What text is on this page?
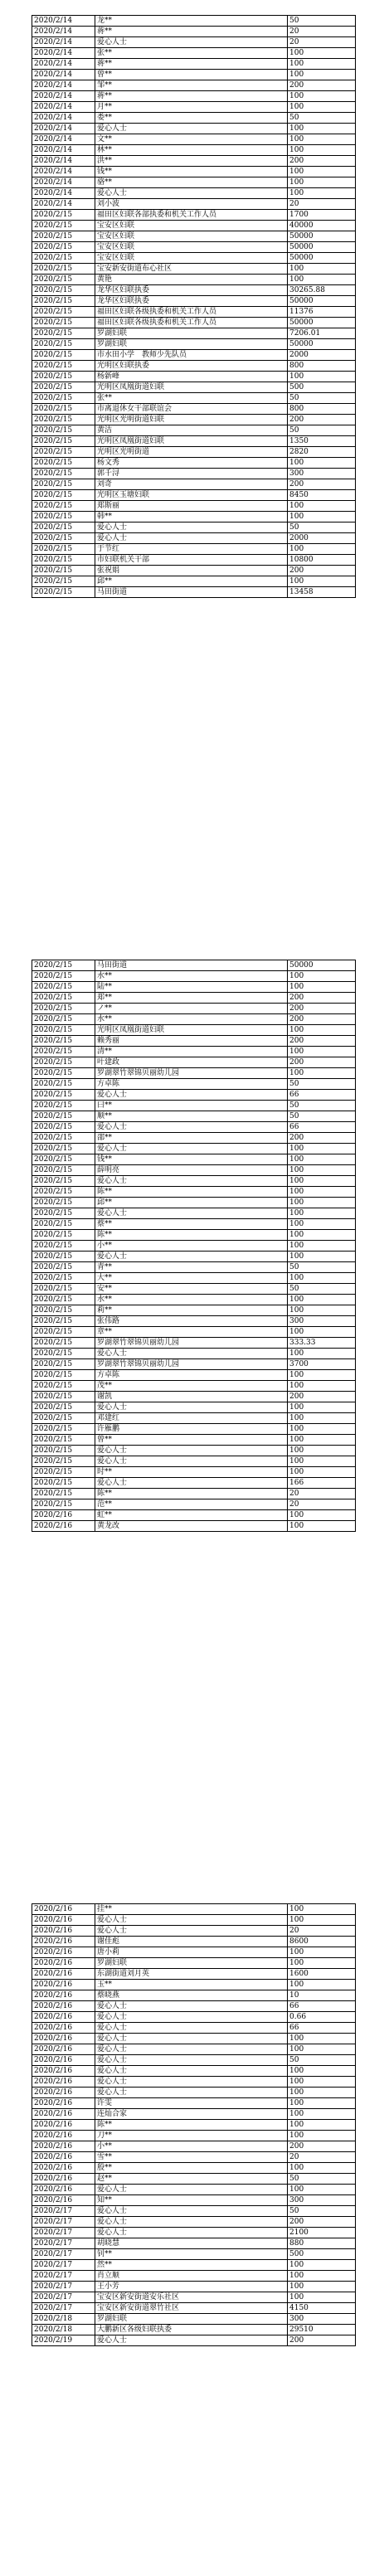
2020/2/14	龙**	50
2020/2/14	蒋**	20
2020/2/14	爱心人士	20
2020/2/14	张**	100
2020/2/14	蒋**	100
2020/2/14	曾**	100
2020/2/14	邹**	200
2020/2/14	蒋**	100
2020/2/14	月**	100
2020/2/14	娄**	50
2020/2/14	爱心人士	100
2020/2/14	文**	100
2020/2/14	林**	100
2020/2/14	洪**	200
2020/2/14	钱**	100
2020/2/14	骆**	100
2020/2/14	爱心人士	100
2020/2/14	刘小波	20
2020/2/15	福田区妇联各部执委和机关工作人员	1700
2020/2/15	宝安区妇联	40000
2020/2/15	宝安区妇联	50000
2020/2/15	宝安区妇联	50000
2020/2/15	宝安区妇联	50000
2020/2/15	宝安新安街道布心社区	100
2020/2/15	黄艳	100
2020/2/15	龙华区妇联执委	30265.88
2020/2/15	龙华区妇联执委	50000
2020/2/15	福田区妇联各级执委和机关工作人员	11376
2020/2/15	福田区妇联各级执委和机关工作人员	50000
2020/2/15	罗湖妇联	7206.01
2020/2/15	罗湖妇联	50000
2020/2/15	市水田小学　教师少先队员	2000
2020/2/15	光明区妇联执委	800
2020/2/15	杨新峰	100
2020/2/15	光明区凤凰街道妇联	500
2020/2/15	张**	50
2020/2/15	市离退休女干部联谊会	800
2020/2/15	光明区光明街道妇联	200
2020/2/15	黄洁	50
2020/2/15	光明区凤凰街道妇联	1350
2020/2/15	光明区光明街道	2820
2020/2/15	杨文秀	100
2020/2/15	郭千浔	300
2020/2/15	刘奇	200
2020/2/15	光明区玉塘妇联	8450
2020/2/15	郑斯丽	100
2020/2/15	韩**	100
2020/2/15	爱心人士	50
2020/2/15	爱心人士	2000
2020/2/15	于节红	100
2020/2/15	市妇联机关干部	10800
2020/2/15	张祝娟	200
2020/2/15	邱**	100
2020/2/15	马田街道	13458
2020/2/15	马田街道	50000
2020/2/15	水**	100
2020/2/15	陆**	100
2020/2/15	郑**	200
2020/2/15	ノ**	200
2020/2/15	水**	200
2020/2/15	光明区凤凰街道妇联	100
2020/2/15	赖秀丽	200
2020/2/15	清**	100
2020/2/15	叶建政	200
2020/2/15	罗湖翠竹翠锦贝丽幼儿园	100
2020/2/15	方卓陈	50
2020/2/15	爱心人士	66
2020/2/15	曰**	50
2020/2/15	顺**	50
2020/2/15	爱心人士	66
2020/2/15	邵**	200
2020/2/15	爱心人士	100
2020/2/15	钱**	100
2020/2/15	薛明亮	100
2020/2/15	爱心人士	100
2020/2/15	陈**	100
2020/2/15	邱**	100
2020/2/15	爱心人士	100
2020/2/15	蔡**	100
2020/2/15	陈**	100
2020/2/15	小**	100
2020/2/15	爱心人士	100
2020/2/15	青**	50
2020/2/15	大**	100
2020/2/15	安**	50
2020/2/15	水**	100
2020/2/15	莉**	100
2020/2/15	张伟路	300
2020/2/15	章**	100
2020/2/15	罗湖翠竹翠锦贝丽幼儿园	333.33
2020/2/15	爱心人士	100
2020/2/15	罗湖翠竹翠锦贝丽幼儿园	3700
2020/2/15	方卓陈	100
2020/2/15	茂**	100
2020/2/15	谢凯	200
2020/2/15	爱心人士	100
2020/2/15	邓建红	100
2020/2/15	许雁鹏	100
2020/2/15	曾**	100
2020/2/15	爱心人士	100
2020/2/15	爱心人士	100
2020/2/15	时**	100
2020/2/15	爱心人士	166
2020/2/15	陈**	20
2020/2/15	范**	20
2020/2/16	虹**	100
2020/2/16	黄龙改	100
2020/2/16	挂**	100
2020/2/16	爱心人士	100
2020/2/16	爱心人士	20
2020/2/16	谢佳彪	8600
2020/2/16	唐小莉	100
2020/2/16	罗湖妇联	100
2020/2/16	东湖街道刘月英	1600
2020/2/16	玉**	100
2020/2/16	蔡晓燕	10
2020/2/16	爱心人士	66
2020/2/16	爱心人士	0.66
2020/2/16	爱心人士	66
2020/2/16	爱心人士	100
2020/2/16	爱心人士	100
2020/2/16	爱心人士	50
2020/2/16	爱心人士	100
2020/2/16	爱心人士	100
2020/2/16	爱心人士	100
2020/2/16	许雯	100
2020/2/16	连灿合家	100
2020/2/16	陈**	100
2020/2/16	刀**	100
2020/2/16	小**	200
2020/2/16	雪**	20
2020/2/16	殷**	100
2020/2/16	赵**	50
2020/2/16	爱心人士	100
2020/2/16	知**	300
2020/2/17	爱心人士	50
2020/2/17	爱心人士	200
2020/2/17	爱心人士	2100
2020/2/17	胡晓慧	880
2020/2/17	钊**	500
2020/2/17	然**	100
2020/2/17	肖立顺	100
2020/2/17	王小芳	100
2020/2/17	宝安区新安街道安乐社区	100
2020/2/17	宝安区新安街道翠竹社区	4150
2020/2/18	罗湖妇联	300
2020/2/18	大鹏新区各级妇联执委	29510
2020/2/19	爱心人士	200
